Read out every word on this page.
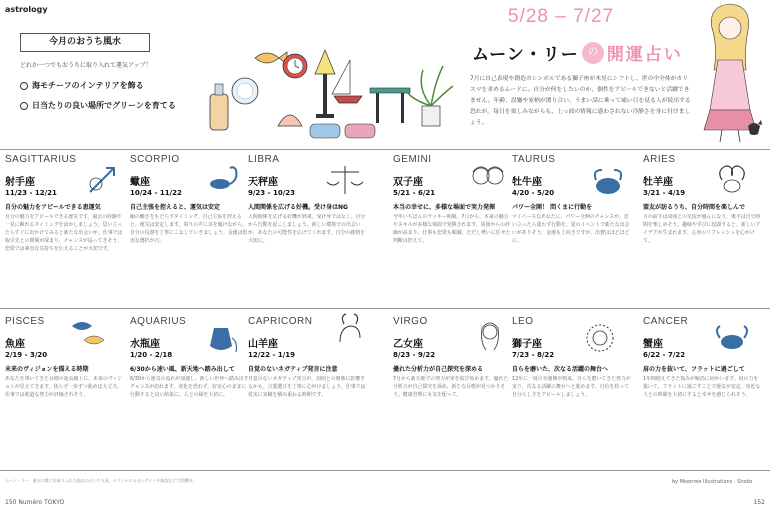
astrology	5/28 – 7/27
今月のおうち風水
どれか一つでもおうちに取り入れて運気アップ！
海モチーフのインテリアを飾る
日当たりの良い場所でグリーンを育てる
ムーン・リー の 開運占い
7月に自己表現や創造のシンボルである獅子座が木星にシフトし、世の中全体がカリスマを求めるムードに。自分が何をしたいのか、個性をアピールできないと活躍できません。年齢、誤嫌や家柄が関り合い、うまい話に乗って痛い目を見る人が続出する恐れが。毎日を楽しみながらも、上っ面の情報に惑わされない冷静さを身に付けましょう。
SAGITTARIUS
射手座
11/23 - 12/21
自分の魅力をアピールできる恵運気
自分の魅力をアピールできる運気です。過去の経験や一見に頼れるタイミングを活かしましょう。思い立ったらすぐに出かけてみると新たな出会いが。仕事では取引先との関係が深まり、チャンスが巡ってきそう。恋愛では素直な気持ちを伝えることが大切です。
SCORPIO
蠍座
10/24 - 11/22
自己主張を控えると、運気は安定
願の働きをもたらすタイミング。自己主張を控えると、運気は安定します。周りの声に耳を傾けながら、自分の役割を丁寧にこなしていきましょう。金運は堅実な選択が吉。
LIBRA
天秤座
9/23 - 10/23
人間関係を広げる好機。受け身はNG
人間関係を広げる好機が到来。受け身ではなく、自分から行動を起こしましょう。新しい環境での出会いが、あなたの可能性を広げてくれます。自分の感情を大切に。
GEMINI
双子座
5/21 - 6/21
本当の幸せに、多様な場面で実力発揮
今年いちばんのラッキー期間。7月から、本来の魅力やスキルが多様な場面で発揮されます。周囲からの評価が高まり、仕事も恋愛も順調。ただし勢いに任せた判断は控えて。
TAURUS
牡牛座
4/20 - 5/20
パワー全開！ 問くまに行動を
マイペースなあなたに、パワー全開のチャンスが。思い立ったら迷わず行動を。夏のイベントで新たな出会いがありそう。金運も上向きですが、出費はほどほどに。
ARIES
牡羊座
3/21 - 4/19
盟友が訪るうち、自分時間を楽しんで
月の前半は周囲との交流が盛んになり、後半は自分時間を楽しめそう。趣味や学びに没頭すると、新しいアイデアが生まれます。心身のリフレッシュを心がけて。
PISCES
魚座
2/19 - 3/20
未来のヴィジョンを描える時期
あなたを導いてきた目標の延長線上に、未来のヴィジョンが見えてきます。焦らず一歩ずつ進めば大丈夫。仕事では地道な努力が評価されそう。
AQUARIUS
水瓶座
1/20 - 2/18
6/30から速い風、新天地へ踏み出して
6/30から運気の流れが加速し、新しい世界へ踏み出すチャンスが訪れます。変化を恐れず、好奇心のままに行動すると良い結果に。人との縁を大切に。
CAPRICORN
山羊座
12/22 - 1/19
自覚のないネガティブ発言に注意
自覚のないネガティブ発言が、周囲との関係に影響するかも。言葉選びを丁寧に心がけましょう。仕事では着実に実績を積み重ねる時期です。
VIRGO
乙女座
8/23 - 9/22
優れた分析力が自己探究を深める
7月から新天地での努力が実を結び始めます。優れた分析力が自己探究を深め、新たな目標が見つかりそう。健康管理にも気を配って。
LEO
獅子座
7/23 - 8/22
自らを磨いた、次なる活躍の舞台へ
12年に一度の幸運期が到来。自らを磨いてきた努力が実り、次なる活躍の舞台へと進めます。自信を持って自分らしさをアピールしましょう。
CANCER
蟹座
6/22 - 7/22
肩の力を抜いて、フラットに過ごして
1年間抱えてきた悩みが解消に向かいます。肩の力を抜いて、フラットに過ごすことで運気が安定。身近な人との時間を大切にすると幸せを感じられそう。
ムーン・リー　風水の教えを取り入れた独自の占いで人気。オリジナルの占いサイトや雑誌などで活躍中。	by Moonree Illustrations : Shoko
150 Numéro TOKYO	152
